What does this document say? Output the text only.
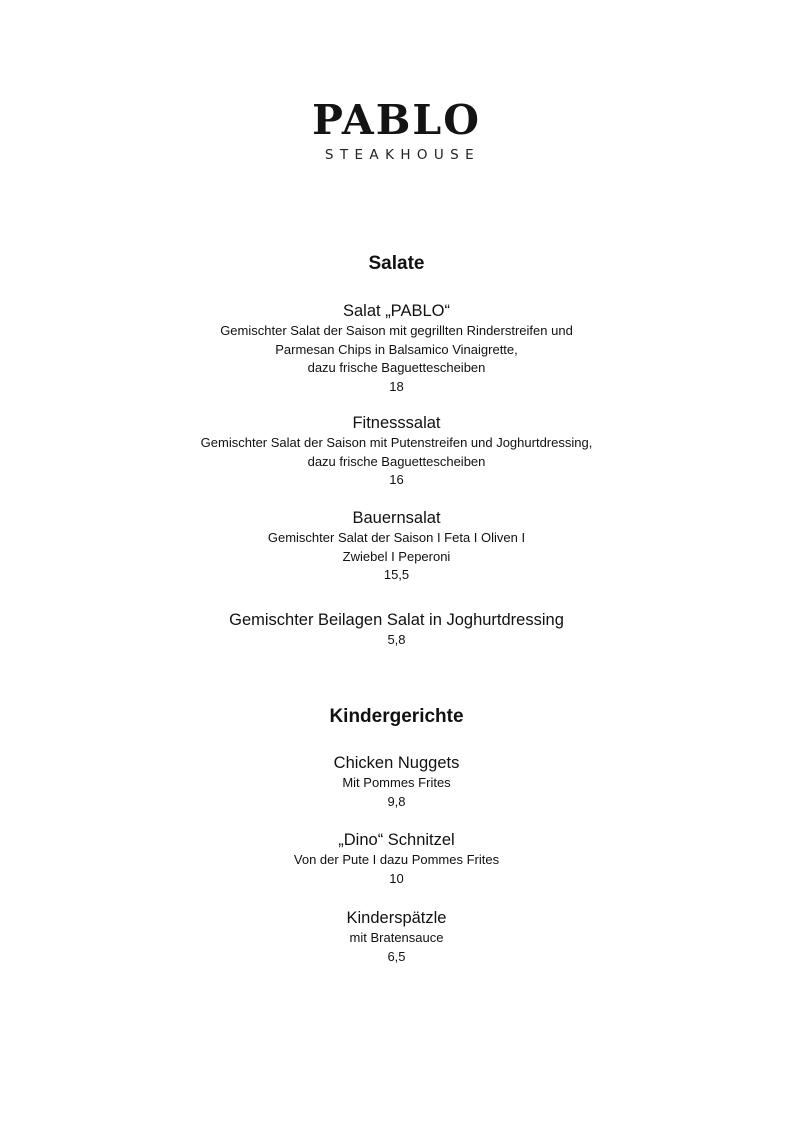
PABLO
STEAKHOUSE
Salate
Salat „PABLO“
Gemischter Salat der Saison mit gegrillten Rinderstreifen und
Parmesan Chips in Balsamico Vinaigrette,
dazu frische Baguettescheiben
18
Fitnesssalat
Gemischter Salat der Saison mit Putenstreifen und Joghurtdressing,
dazu frische Baguettescheiben
16
Bauernsalat
Gemischter Salat der Saison I Feta I Oliven I
Zwiebel I Peperoni
15,5
Gemischter Beilagen Salat in Joghurtdressing
5,8
Kindergerichte
Chicken Nuggets
Mit Pommes Frites
9,8
„Dino“ Schnitzel
Von der Pute I dazu Pommes Frites
10
Kinderspätzle
mit Bratensauce
6,5
